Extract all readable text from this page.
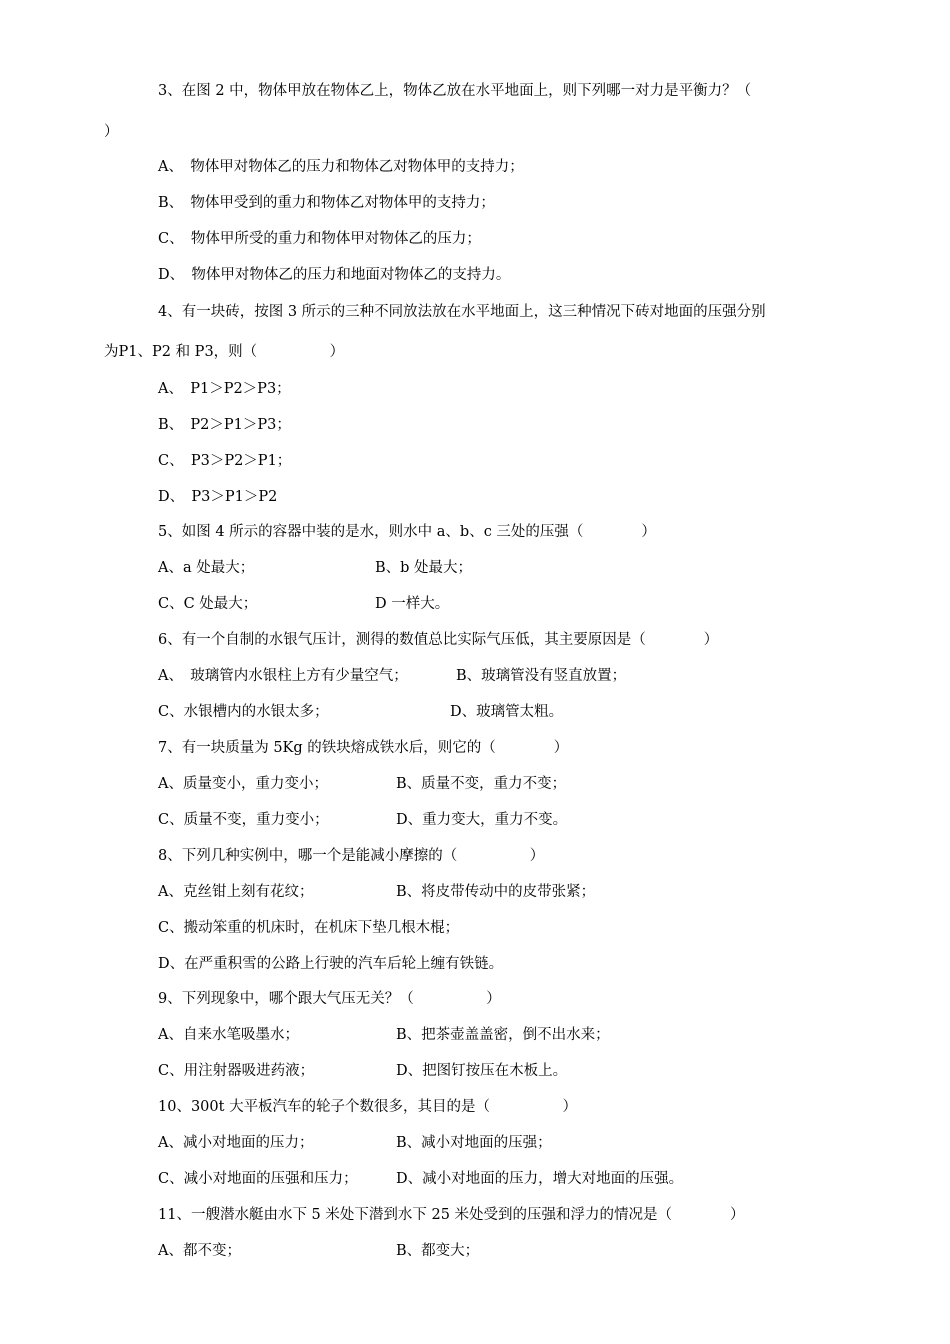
3、在图 2 中，物体甲放在物体乙上，物体乙放在水平地面上，则下列哪一对力是平衡力？（
）
A、　物体甲对物体乙的压力和物体乙对物体甲的支持力；
B、　物体甲受到的重力和物体乙对物体甲的支持力；
C、　物体甲所受的重力和物体甲对物体乙的压力；
D、　物体甲对物体乙的压力和地面对物体乙的支持力。
4、有一块砖，按图 3 所示的三种不同放法放在水平地面上，这三种情况下砖对地面的压强分别
为P1、P2 和 P3，则（　　　　　）
A、　P1＞P2＞P3；
B、　P2＞P1＞P3；
C、　P3＞P2＞P1；
D、　P3＞P1＞P2
5、如图 4 所示的容器中装的是水，则水中 a、b、c 三处的压强（　　　　）
A、a 处最大；	B、b 处最大；
C、C 处最大；	D 一样大。
6、有一个自制的水银气压计，测得的数值总比实际气压低，其主要原因是（　　　　）
A、　玻璃管内水银柱上方有少量空气；	B、玻璃管没有竖直放置；
C、水银槽内的水银太多；	D、玻璃管太粗。
7、有一块质量为 5Kg 的铁块熔成铁水后，则它的（　　　　）
A、质量变小，重力变小；	B、质量不变，重力不变；
C、质量不变，重力变小；	D、重力变大，重力不变。
8、下列几种实例中，哪一个是能减小摩擦的（　　　　　）
A、克丝钳上刻有花纹；	B、将皮带传动中的皮带张紧；
C、搬动笨重的机床时，在机床下垫几根木棍；
D、在严重积雪的公路上行驶的汽车后轮上缠有铁链。
9、下列现象中，哪个跟大气压无关？（　　　　　）
A、自来水笔吸墨水；	B、把茶壶盖盖密，倒不出水来；
C、用注射器吸进药液；	D、把图钉按压在木板上。
10、300t 大平板汽车的轮子个数很多，其目的是（　　　　　）
A、减小对地面的压力；	B、减小对地面的压强；
C、减小对地面的压强和压力；	D、减小对地面的压力，增大对地面的压强。
11、一艘潜水艇由水下 5 米处下潜到水下 25 米处受到的压强和浮力的情况是（　　　　）
A、都不变；	B、都变大；
